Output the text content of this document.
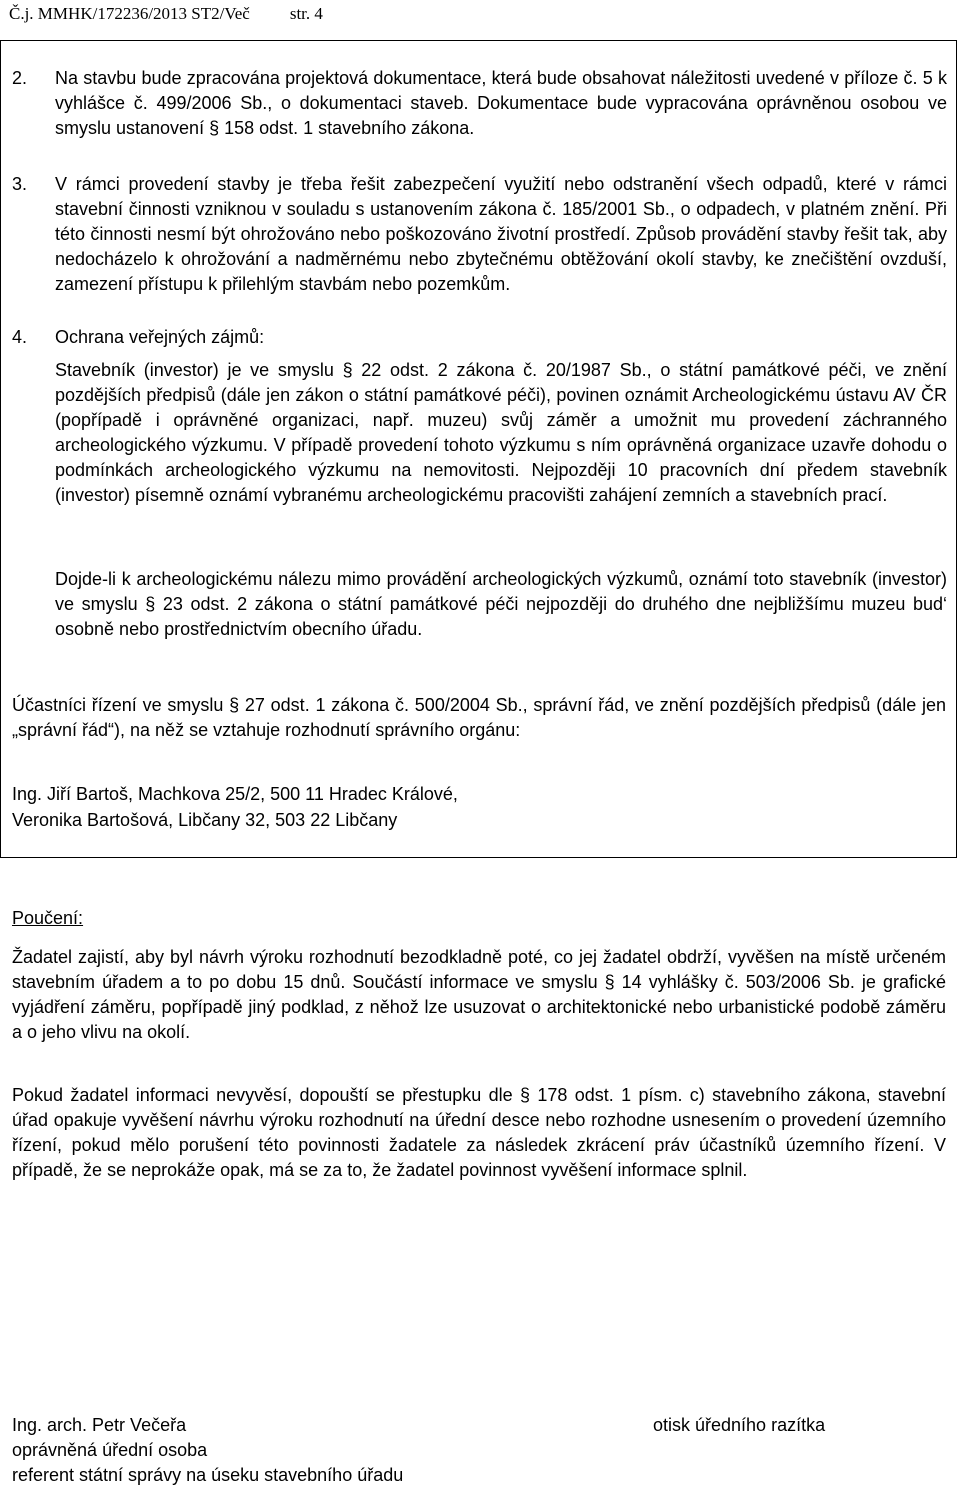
Č.j. MMHK/172236/2013 ST2/Več str. 4
2. Na stavbu bude zpracována projektová dokumentace, která bude obsahovat náležitosti uvedené v příloze č. 5 k vyhlášce č. 499/2006 Sb., o dokumentaci staveb. Dokumentace bude vypracována oprávněnou osobou ve smyslu ustanovení § 158 odst. 1 stavebního zákona.
3. V rámci provedení stavby je třeba řešit zabezpečení využití nebo odstranění všech odpadů, které v rámci stavební činnosti vzniknou v souladu s ustanovením zákona č. 185/2001 Sb., o odpadech, v platném znění. Při této činnosti nesmí být ohrožováno nebo poškozováno životní prostředí. Způsob provádění stavby řešit tak, aby nedocházelo k ohrožování a nadměrnému nebo zbytečnému obtěžování okolí stavby, ke znečištění ovzduší, zamezení přístupu k přilehlým stavbám nebo pozemkům.
4. Ochrana veřejných zájmů:
Stavebník (investor) je ve smyslu § 22 odst. 2 zákona č. 20/1987 Sb., o státní památkové péči, ve znění pozdějších předpisů (dále jen zákon o státní památkové péči), povinen oznámit Archeologickému ústavu AV ČR (popřípadě i oprávněné organizaci, např. muzeu) svůj záměr a umožnit mu provedení záchranného archeologického výzkumu. V případě provedení tohoto výzkumu s ním oprávněná organizace uzavře dohodu o podmínkách archeologického výzkumu na nemovitosti. Nejpozději 10 pracovních dní předem stavebník (investor) písemně oznámí vybranému archeologickému pracovišti zahájení zemních a stavebních prací.
Dojde-li k archeologickému nálezu mimo provádění archeologických výzkumů, oznámí toto stavebník (investor) ve smyslu § 23 odst. 2 zákona o státní památkové péči nejpozději do druhého dne nejbližšímu muzeu bud‘ osobně nebo prostřednictvím obecního úřadu.
Účastníci řízení ve smyslu § 27 odst. 1 zákona č. 500/2004 Sb., správní řád, ve znění pozdějších předpisů (dále jen „správní řád“), na něž se vztahuje rozhodnutí správního orgánu:
Ing. Jiří Bartoš, Machkova 25/2, 500 11 Hradec Králové,
Veronika Bartošová, Libčany 32, 503 22 Libčany
Poučení:
Žadatel zajistí, aby byl návrh výroku rozhodnutí bezodkladně poté, co jej žadatel obdrží, vyvěšen na místě určeném stavebním úřadem a to po dobu 15 dnů. Součástí informace ve smyslu § 14 vyhlášky č. 503/2006 Sb. je grafické vyjádření záměru, popřípadě jiný podklad, z něhož lze usuzovat o architektonické nebo urbanistické podobě záměru a o jeho vlivu na okolí.
Pokud žadatel informaci nevyvěsí, dopouští se přestupku dle § 178 odst. 1 písm. c) stavebního zákona, stavební úřad opakuje vyvěšení návrhu výroku rozhodnutí na úřední desce nebo rozhodne usnesením o provedení územního řízení, pokud mělo porušení této povinnosti žadatele za následek zkrácení práv účastníků územního řízení. V případě, že se neprokáže opak, má se za to, že žadatel povinnost vyvěšení informace splnil.
Ing. arch. Petr Večeřa
oprávněná úřední osoba
referent státní správy na úseku stavebního úřadu
otisk úředního razítka
